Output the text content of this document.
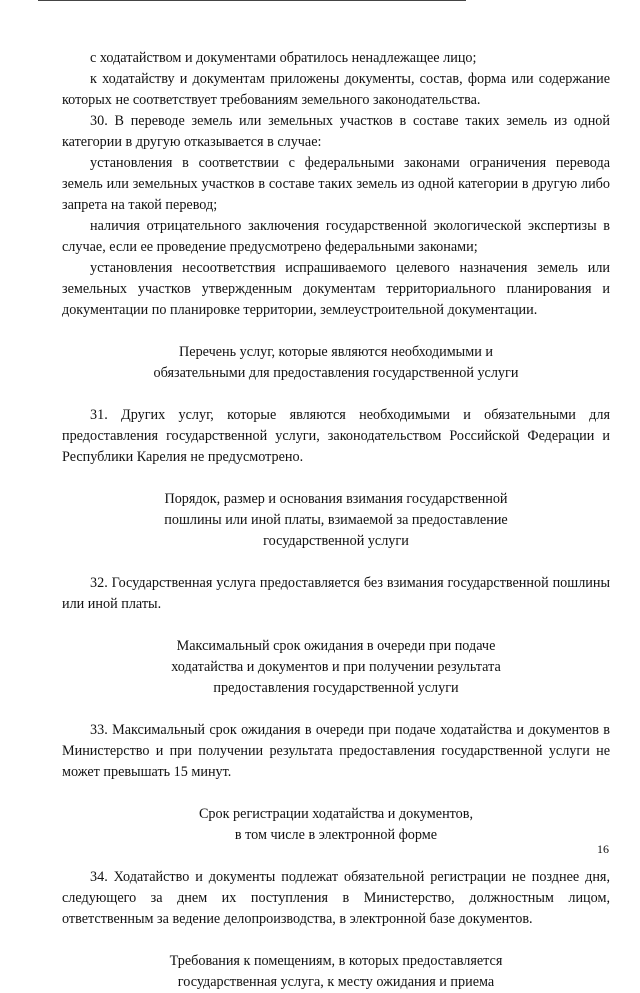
с ходатайством и документами обратилось ненадлежащее лицо;

к ходатайству и документам приложены документы, состав, форма или содержание которых не соответствует требованиям земельного законодательства.

30. В переводе земель или земельных участков в составе таких земель из одной категории в другую отказывается в случае:

установления в соответствии с федеральными законами ограничения перевода земель или земельных участков в составе таких земель из одной категории в другую либо запрета на такой перевод;

наличия отрицательного заключения государственной экологической экспертизы в случае, если ее проведение предусмотрено федеральными законами;

установления несоответствия испрашиваемого целевого назначения земель или земельных участков утвержденным документам территориального планирования и документации по планировке территории, землеустроительной документации.

Перечень услуг, которые являются необходимыми и
обязательными для предоставления государственной услуги

31. Других услуг, которые являются необходимыми и обязательными для предоставления государственной услуги, законодательством Российской Федерации и Республики Карелия не предусмотрено.

Порядок, размер и основания взимания государственной
пошлины или иной платы, взимаемой за предоставление
государственной услуги

32. Государственная услуга предоставляется без взимания государственной пошлины или иной платы.

Максимальный срок ожидания в очереди при подаче
ходатайства и документов и при получении результата
предоставления государственной услуги

33. Максимальный срок ожидания в очереди при подаче ходатайства и документов в Министерство и при получении результата предоставления государственной услуги не может превышать 15 минут.

Срок регистрации ходатайства и документов,
в том числе в электронной форме

34. Ходатайство и документы подлежат обязательной регистрации не позднее дня, следующего за днем их поступления в Министерство, должностным лицом, ответственным за ведение делопроизводства, в электронной базе документов.

Требования к помещениям, в которых предоставляется
государственная услуга, к месту ожидания и приема
16
